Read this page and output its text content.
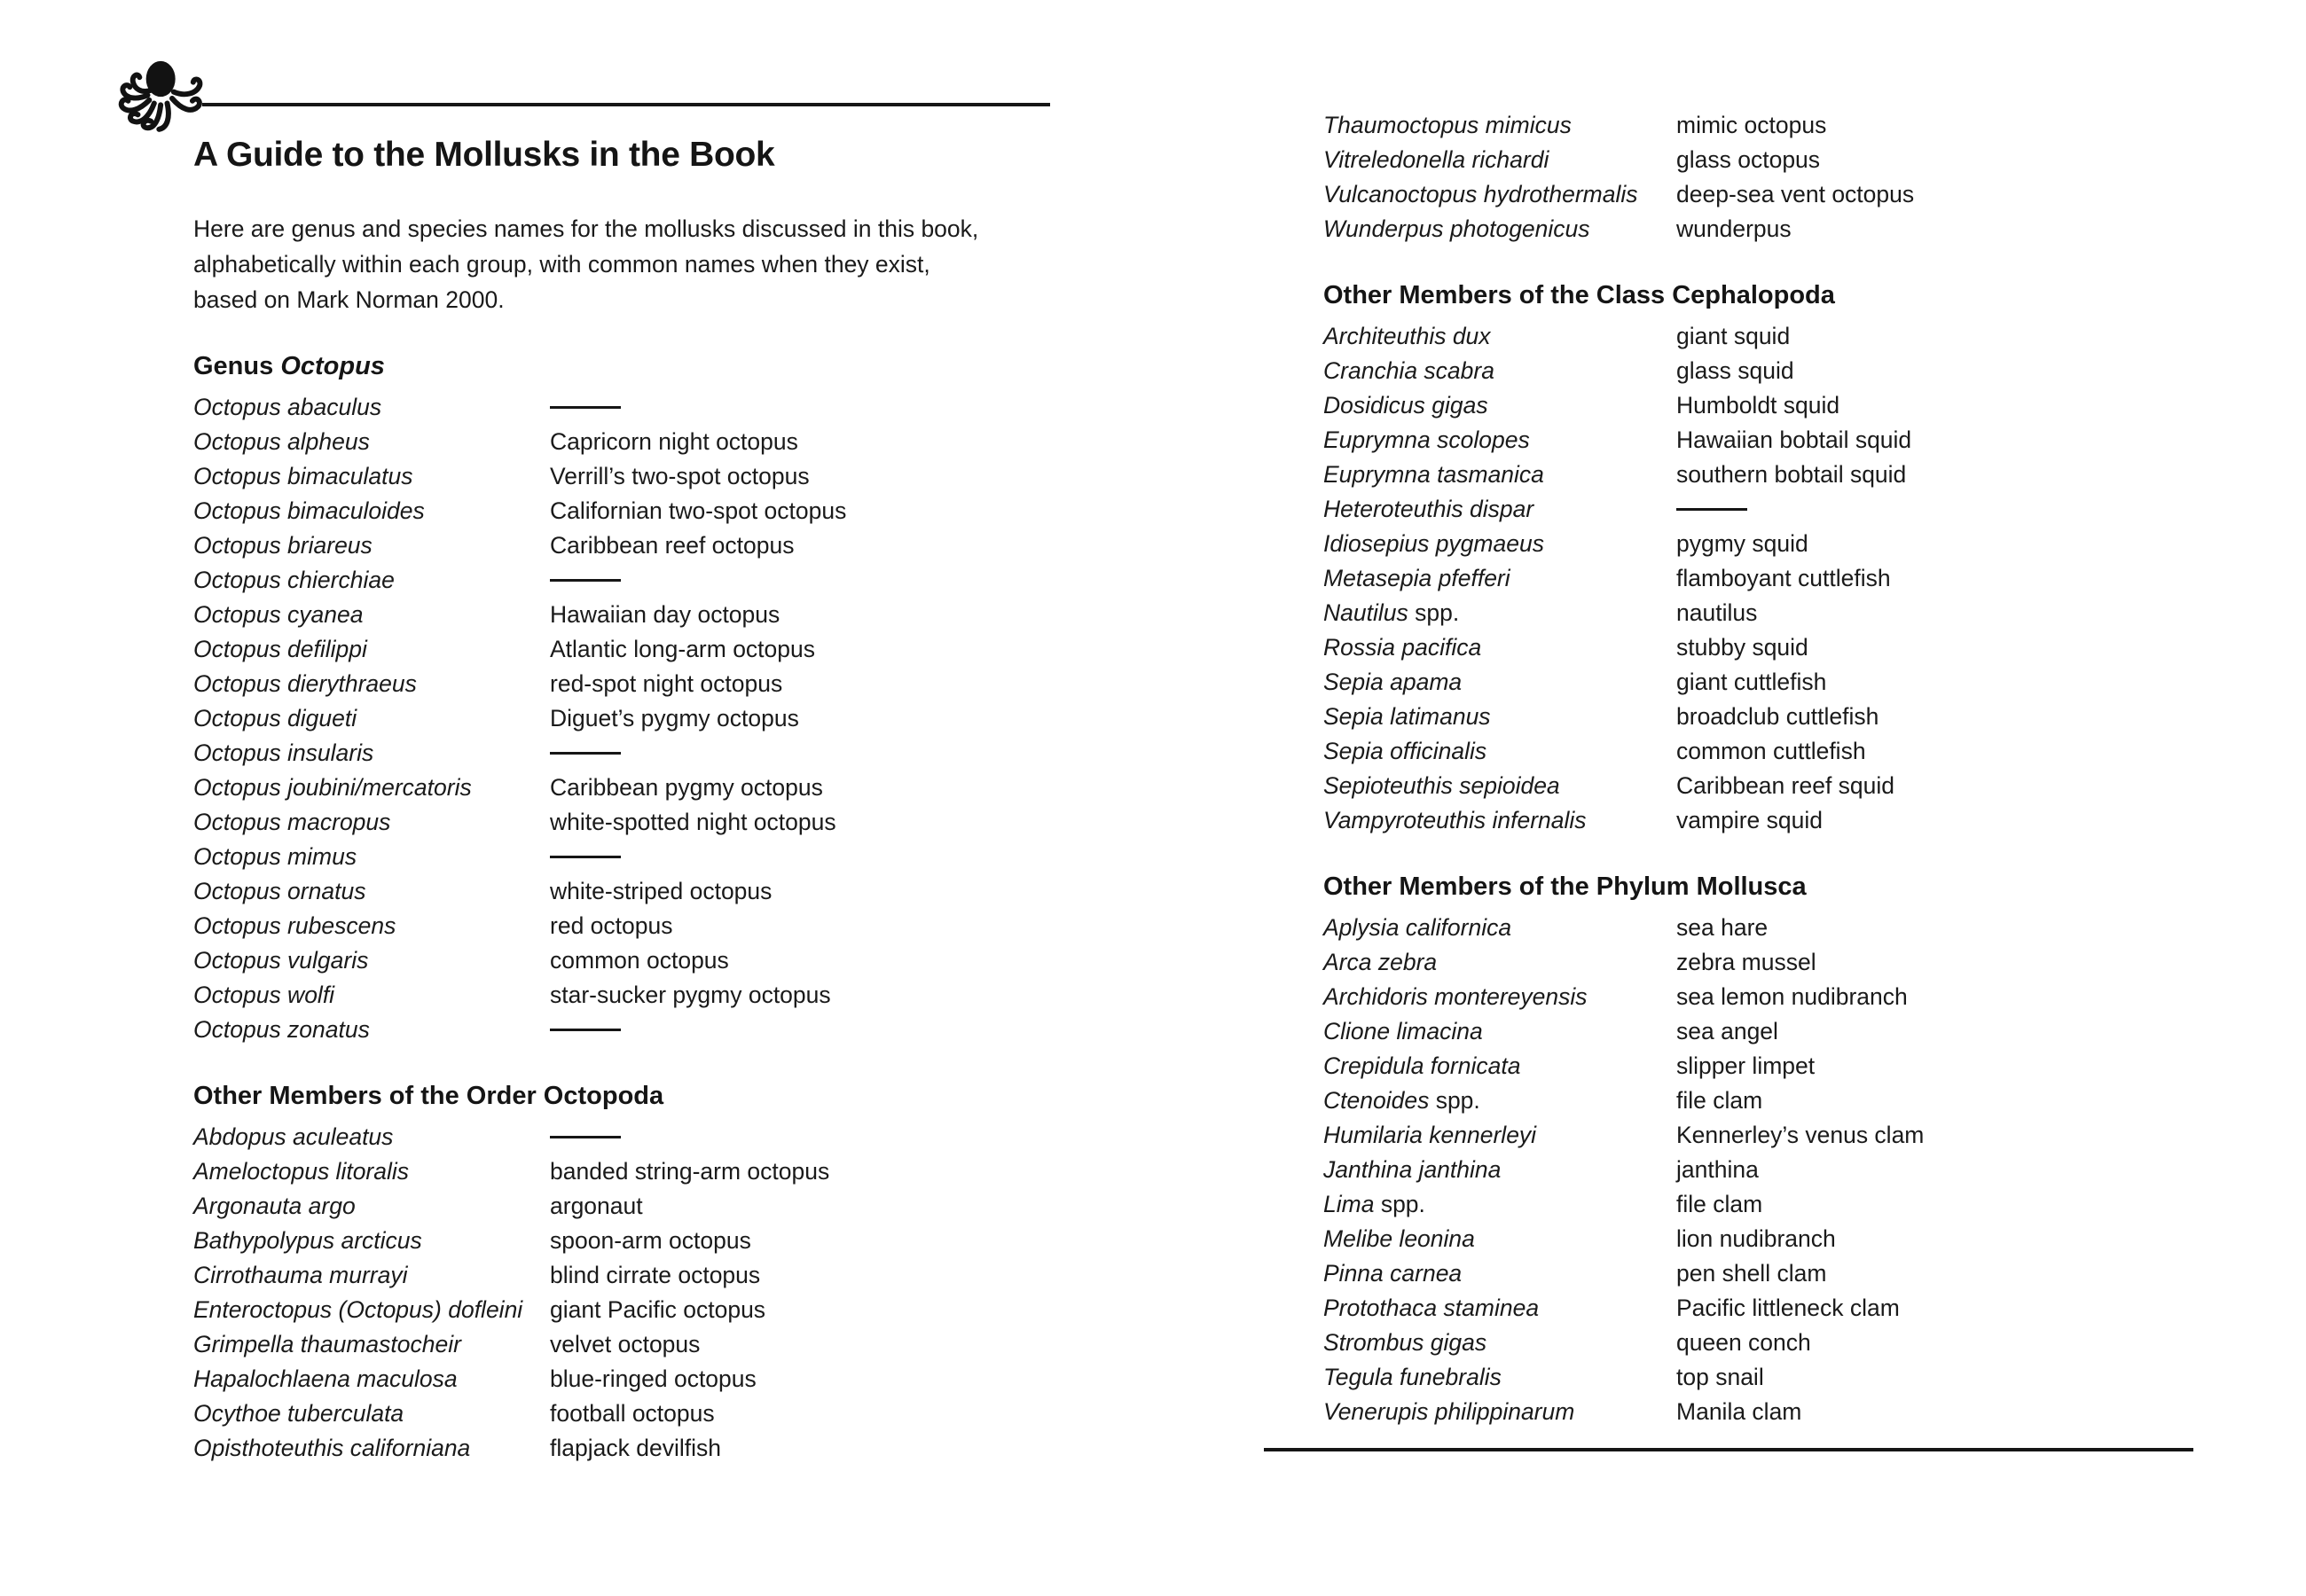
A Guide to the Mollusks in the Book

Here are genus and species names for the mollusks discussed in this book,
alphabetically within each group, with common names when they exist,
based on Mark Norman 2000.

Genus Octopus
Octopus abaculus
Octopus alpheus	Capricorn night octopus
Octopus bimaculatus	Verrill’s two-spot octopus
Octopus bimaculoides	Californian two-spot octopus
Octopus briareus	Caribbean reef octopus
Octopus chierchiae
Octopus cyanea	Hawaiian day octopus
Octopus defilippi	Atlantic long-arm octopus
Octopus dierythraeus	red-spot night octopus
Octopus digueti	Diguet’s pygmy octopus
Octopus insularis
Octopus joubini/mercatoris	Caribbean pygmy octopus
Octopus macropus	white-spotted night octopus
Octopus mimus
Octopus ornatus	white-striped octopus
Octopus rubescens	red octopus
Octopus vulgaris	common octopus
Octopus wolfi	star-sucker pygmy octopus
Octopus zonatus
Other Members of the Order Octopoda
Abdopus aculeatus
Ameloctopus litoralis	banded string-arm octopus
Argonauta argo	argonaut
Bathypolypus arcticus	spoon-arm octopus
Cirrothauma murrayi	blind cirrate octopus
Enteroctopus (Octopus) dofleini	giant Pacific octopus
Grimpella thaumastocheir	velvet octopus
Hapalochlaena maculosa	blue-ringed octopus
Ocythoe tuberculata	football octopus
Opisthoteuthis californiana	flapjack devilfish
Thaumoctopus mimicus	mimic octopus
Vitreledonella richardi	glass octopus
Vulcanoctopus hydrothermalis	deep-sea vent octopus
Wunderpus photogenicus	wunderpus
Other Members of the Class Cephalopoda
Architeuthis dux	giant squid
Cranchia scabra	glass squid
Dosidicus gigas	Humboldt squid
Euprymna scolopes	Hawaiian bobtail squid
Euprymna tasmanica	southern bobtail squid
Heteroteuthis dispar
Idiosepius pygmaeus	pygmy squid
Metasepia pfefferi	flamboyant cuttlefish
Nautilus spp.	nautilus
Rossia pacifica	stubby squid
Sepia apama	giant cuttlefish
Sepia latimanus	broadclub cuttlefish
Sepia officinalis	common cuttlefish
Sepioteuthis sepioidea	Caribbean reef squid
Vampyroteuthis infernalis	vampire squid
Other Members of the Phylum Mollusca
Aplysia californica	sea hare
Arca zebra	zebra mussel
Archidoris montereyensis	sea lemon nudibranch
Clione limacina	sea angel
Crepidula fornicata	slipper limpet
Ctenoides spp.	file clam
Humilaria kennerleyi	Kennerley’s venus clam
Janthina janthina	janthina
Lima spp.	file clam
Melibe leonina	lion nudibranch
Pinna carnea	pen shell clam
Protothaca staminea	Pacific littleneck clam
Strombus gigas	queen conch
Tegula funebralis	top snail
Venerupis philippinarum	Manila clam
